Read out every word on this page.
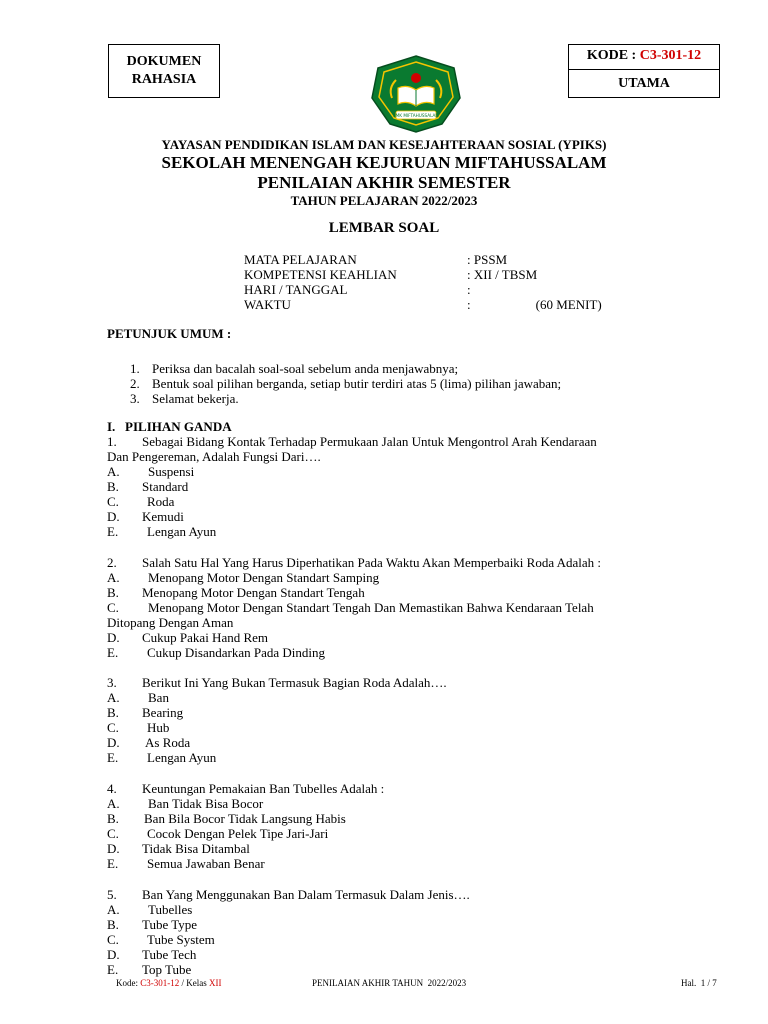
DOKUMEN
RAHASIA
KODE : C3-301-12
UTAMA
SMK MIFTAHUSSALAM
YAYASAN PENDIDIKAN ISLAM DAN KESEJAHTERAAN SOSIAL (YPIKS)
SEKOLAH MENENGAH KEJURUAN MIFTAHUSSALAM
PENILAIAN AKHIR SEMESTER
TAHUN PELAJARAN 2022/2023
LEMBAR SOAL
MATA PELAJARAN	: PSSM
KOMPETENSI KEAHLIAN	: XII / TBSM
HARI / TANGGAL	:
WAKTU	:                    (60 MENIT)
PETUNJUK UMUM :
1. Periksa dan bacalah soal-soal sebelum anda menjawabnya;
2. Bentuk soal pilihan berganda, setiap butir terdiri atas 5 (lima) pilihan jawaban;
3. Selamat bekerja.
I.   PILIHAN GANDA
1. Sebagai Bidang Kontak Terhadap Permukaan Jalan Untuk Mengontrol Arah Kendaraan
Dan Pengereman, Adalah Fungsi Dari….
A. Suspensi
B. Standard
C. Roda
D. Kemudi
E. Lengan Ayun
2. Salah Satu Hal Yang Harus Diperhatikan Pada Waktu Akan Memperbaiki Roda Adalah :
A. Menopang Motor Dengan Standart Samping
B. Menopang Motor Dengan Standart Tengah
C. Menopang Motor Dengan Standart Tengah Dan Memastikan Bahwa Kendaraan Telah
Ditopang Dengan Aman
D. Cukup Pakai Hand Rem
E. Cukup Disandarkan Pada Dinding
3. Berikut Ini Yang Bukan Termasuk Bagian Roda Adalah….
A. Ban
B. Bearing
C. Hub
D. As Roda
E. Lengan Ayun
4. Keuntungan Pemakaian Ban Tubelles Adalah :
A. Ban Tidak Bisa Bocor
B. Ban Bila Bocor Tidak Langsung Habis
C. Cocok Dengan Pelek Tipe Jari-Jari
D. Tidak Bisa Ditambal
E. Semua Jawaban Benar
5. Ban Yang Menggunakan Ban Dalam Termasuk Dalam Jenis….
A. Tubelles
B. Tube Type
C. Tube System
D. Tube Tech
E. Top Tube
Kode: C3-301-12 / Kelas XII	PENILAIAN AKHIR TAHUN  2022/2023	Hal.  1 / 7
